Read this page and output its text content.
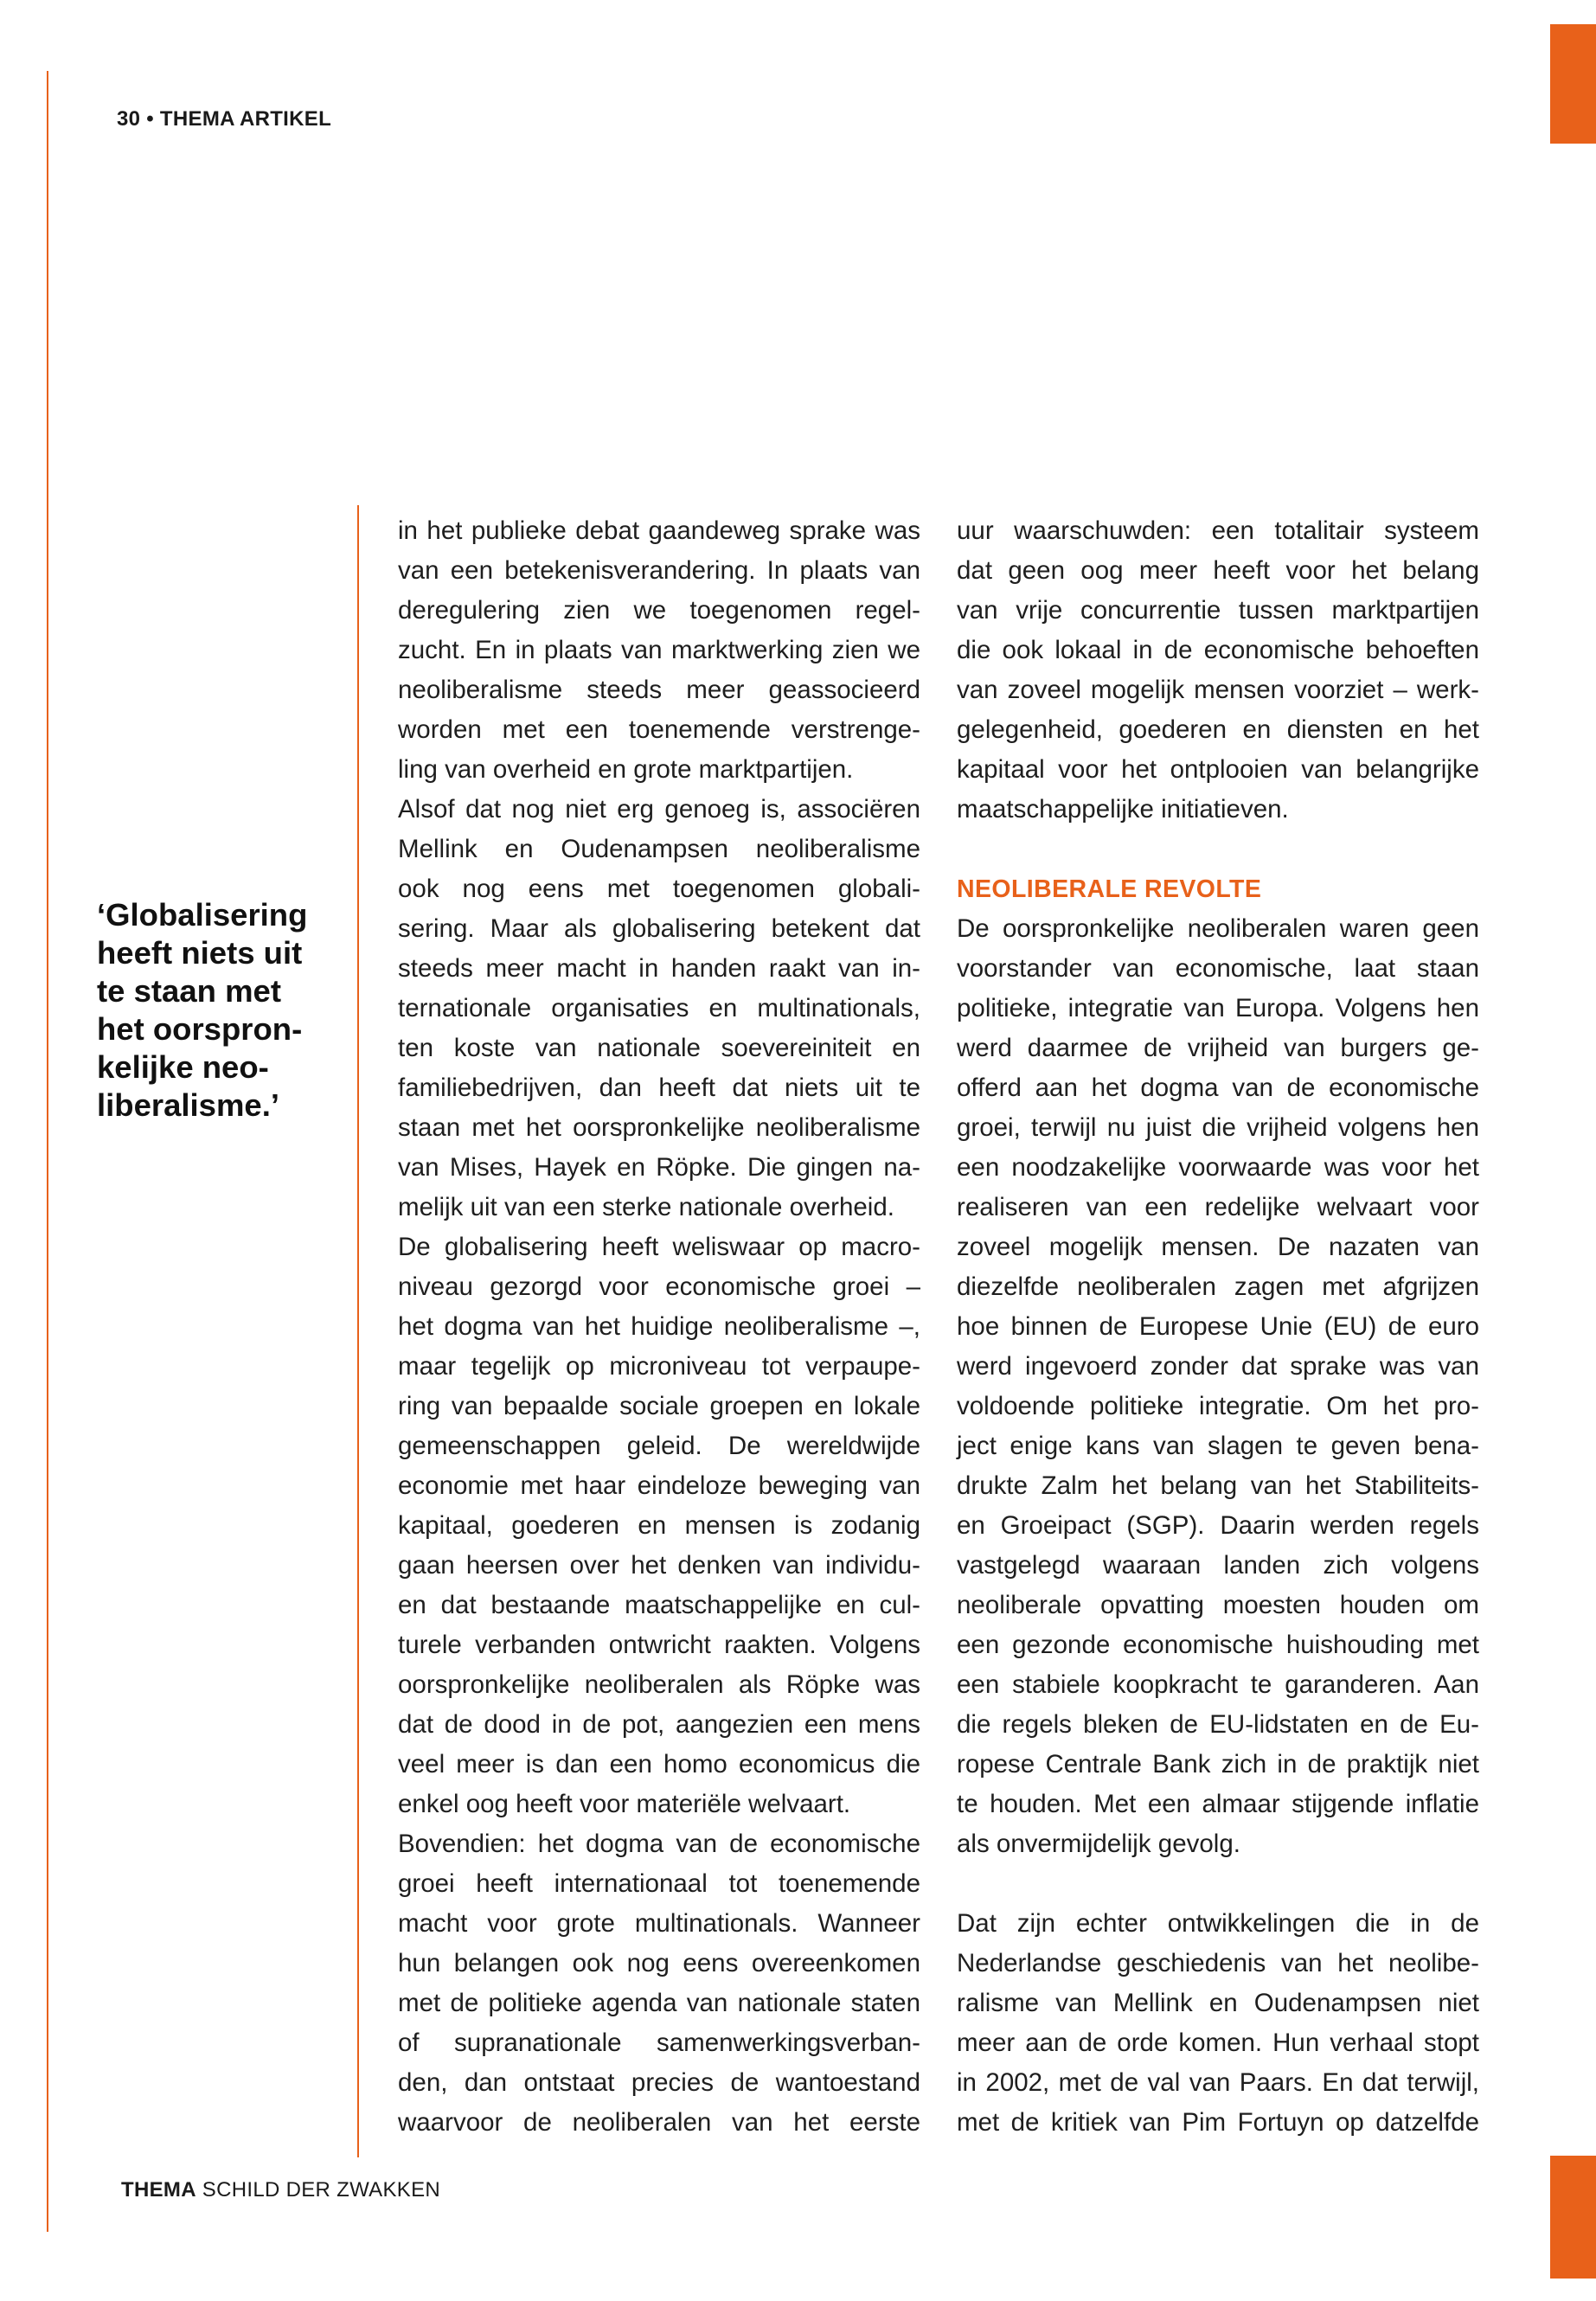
30 • THEMA ARTIKEL
‘Globalisering
heeft niets uit
te staan met
het oorspron-
kelijke neo-
liberalisme.’
in het publieke debat gaandeweg sprake was
van een betekenisverandering. In plaats van
deregulering zien we toegenomen regel-
zucht. En in plaats van marktwerking zien we
neoliberalisme steeds meer geassocieerd
worden met een toenemende verstrenge-
ling van overheid en grote marktpartijen.
Alsof dat nog niet erg genoeg is, associëren
Mellink en Oudenampsen neoliberalisme
ook nog eens met toegenomen globali-
sering. Maar als globalisering betekent dat
steeds meer macht in handen raakt van in-
ternationale organisaties en multinationals,
ten koste van nationale soevereiniteit en
familiebedrijven, dan heeft dat niets uit te
staan met het oorspronkelijke neoliberalisme
van Mises, Hayek en Röpke. Die gingen na-
melijk uit van een sterke nationale overheid.
De globalisering heeft weliswaar op macro-
niveau gezorgd voor economische groei –
het dogma van het huidige neoliberalisme –,
maar tegelijk op microniveau tot verpaupe-
ring van bepaalde sociale groepen en lokale
gemeenschappen geleid. De wereldwijde
economie met haar eindeloze beweging van
kapitaal, goederen en mensen is zodanig
gaan heersen over het denken van individu-
en dat bestaande maatschappelijke en cul-
turele verbanden ontwricht raakten. Volgens
oorspronkelijke neoliberalen als Röpke was
dat de dood in de pot, aangezien een mens
veel meer is dan een homo economicus die
enkel oog heeft voor materiële welvaart.
Bovendien: het dogma van de economische
groei heeft internationaal tot toenemende
macht voor grote multinationals. Wanneer
hun belangen ook nog eens overeenkomen
met de politieke agenda van nationale staten
of supranationale samenwerkingsverban-
den, dan ontstaat precies de wantoestand
waarvoor de neoliberalen van het eerste
uur waarschuwden: een totalitair systeem
dat geen oog meer heeft voor het belang
van vrije concurrentie tussen marktpartijen
die ook lokaal in de economische behoeften
van zoveel mogelijk mensen voorziet – werk-
gelegenheid, goederen en diensten en het
kapitaal voor het ontplooien van belangrijke
maatschappelijke initiatieven.
NEOLIBERALE REVOLTE
De oorspronkelijke neoliberalen waren geen
voorstander van economische, laat staan
politieke, integratie van Europa. Volgens hen
werd daarmee de vrijheid van burgers ge-
offerd aan het dogma van de economische
groei, terwijl nu juist die vrijheid volgens hen
een noodzakelijke voorwaarde was voor het
realiseren van een redelijke welvaart voor
zoveel mogelijk mensen. De nazaten van
diezelfde neoliberalen zagen met afgrijzen
hoe binnen de Europese Unie (EU) de euro
werd ingevoerd zonder dat sprake was van
voldoende politieke integratie. Om het pro-
ject enige kans van slagen te geven bena-
drukte Zalm het belang van het Stabiliteits-
en Groeipact (SGP). Daarin werden regels
vastgelegd waaraan landen zich volgens
neoliberale opvatting moesten houden om
een gezonde economische huishouding met
een stabiele koopkracht te garanderen. Aan
die regels bleken de EU-lidstaten en de Eu-
ropese Centrale Bank zich in de praktijk niet
te houden. Met een almaar stijgende inflatie
als onvermijdelijk gevolg.
Dat zijn echter ontwikkelingen die in de
Nederlandse geschiedenis van het neolibe-
ralisme van Mellink en Oudenampsen niet
meer aan de orde komen. Hun verhaal stopt
in 2002, met de val van Paars. En dat terwijl,
met de kritiek van Pim Fortuyn op datzelfde
THEMA SCHILD DER ZWAKKEN
